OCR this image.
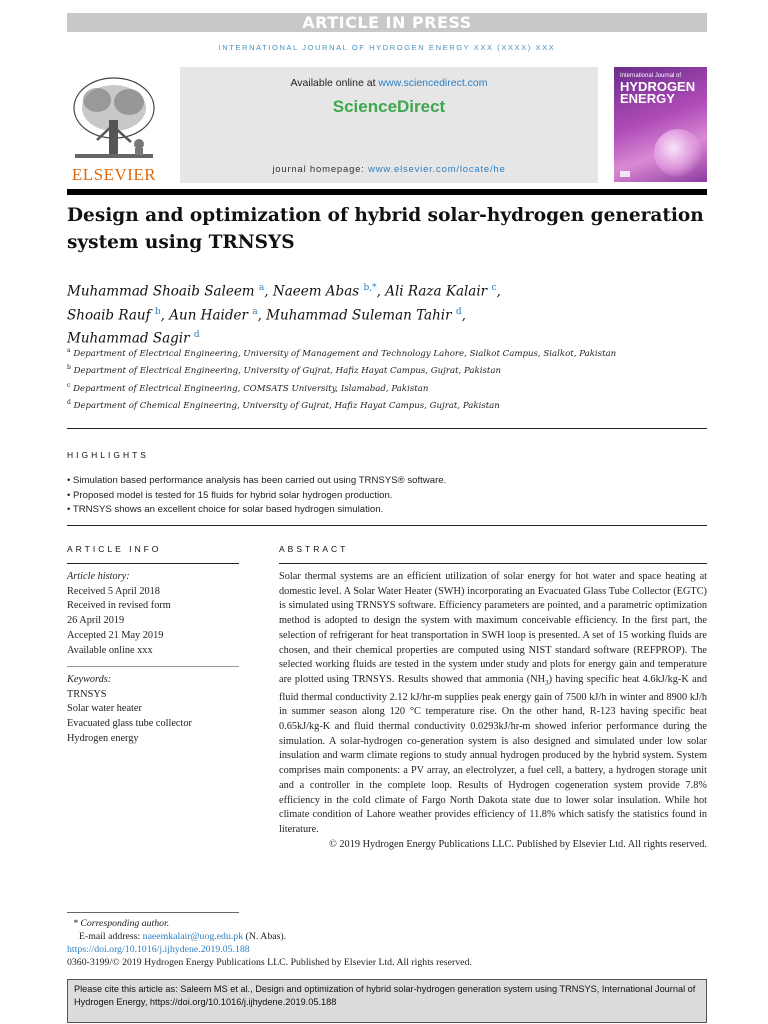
ARTICLE IN PRESS
INTERNATIONAL JOURNAL OF HYDROGEN ENERGY XXX (XXXX) XXX
ELSEVIER
Available online at www.sciencedirect.com
ScienceDirect
journal homepage: www.elsevier.com/locate/he
International Journal of
HYDROGEN
ENERGY
Design and optimization of hybrid solar-hydrogen generation system using TRNSYS
Muhammad Shoaib Saleem $^a$, Naeem Abas $^{b,*}$, Ali Raza Kalair $^c$,
Shoaib Rauf $^b$, Aun Haider $^a$, Muhammad Suleman Tahir $^d$,
Muhammad Sagir $^d$
$^a$ Department of Electrical Engineering, University of Management and Technology Lahore, Sialkot Campus, Sialkot, Pakistan
$^b$ Department of Electrical Engineering, University of Gujrat, Hafiz Hayat Campus, Gujrat, Pakistan
$^c$ Department of Electrical Engineering, COMSATS University, Islamabad, Pakistan
$^d$ Department of Chemical Engineering, University of Gujrat, Hafiz Hayat Campus, Gujrat, Pakistan
HIGHLIGHTS
• Simulation based performance analysis has been carried out using TRNSYS® software.
• Proposed model is tested for 15 fluids for hybrid solar hydrogen production.
• TRNSYS shows an excellent choice for solar based hydrogen simulation.
ARTICLE INFO
Article history:
Received 5 April 2018
Received in revised form
26 April 2019
Accepted 21 May 2019
Available online xxx
Keywords:
TRNSYS
Solar water heater
Evacuated glass tube collector
Hydrogen energy
ABSTRACT
Solar thermal systems are an efficient utilization of solar energy for hot water and space heating at domestic level. A Solar Water Heater (SWH) incorporating an Evacuated Glass Tube Collector (EGTC) is simulated using TRNSYS software. Efficiency parameters are pointed, and a parametric optimization method is adopted to design the system with maximum conceivable efficiency. In the first part, the selection of refrigerant for heat transportation in SWH loop is presented. A set of 15 working fluids are chosen, and their chemical properties are computed using NIST standard software (REFPROP). The selected working fluids are tested in the system under study and plots for energy gain and temperature are plotted using TRNSYS. Results showed that ammonia $(NH_3)$ having specific heat 4.6kJ/kg-K and fluid thermal conductivity 2.12 kJ/hr-m supplies peak energy gain of 7500 kJ/h in winter and 8900 kJ/h in summer season along 120 °C temperature rise. On the other hand, R-123 having specific heat 0.65kJ/kg-K and fluid thermal conductivity 0.0293kJ/hr-m showed inferior performance during the simulation. A solar-hydrogen co-generation system is also designed and simulated under low solar insulation and warm climate regions to study annual hydrogen produced by the hybrid system. System comprises main components: a PV array, an electrolyzer, a fuel cell, a battery, a hydrogen storage unit and a controller in the complete loop. Results of Hydrogen cogeneration system provide 7.8% efficiency in the cold climate of Fargo North Dakota state due to lower solar insulation. While hot climate condition of Lahore weather provides efficiency of 11.8% which satisfy the statistics found in literature.
© 2019 Hydrogen Energy Publications LLC. Published by Elsevier Ltd. All rights reserved.
* Corresponding author.
E-mail address: naeemkalair@uog.edu.pk (N. Abas).
https://doi.org/10.1016/j.ijhydene.2019.05.188
0360-3199/© 2019 Hydrogen Energy Publications LLC. Published by Elsevier Ltd. All rights reserved.
Please cite this article as: Saleem MS et al., Design and optimization of hybrid solar-hydrogen generation system using TRNSYS, International Journal of Hydrogen Energy, https://doi.org/10.1016/j.ijhydene.2019.05.188
